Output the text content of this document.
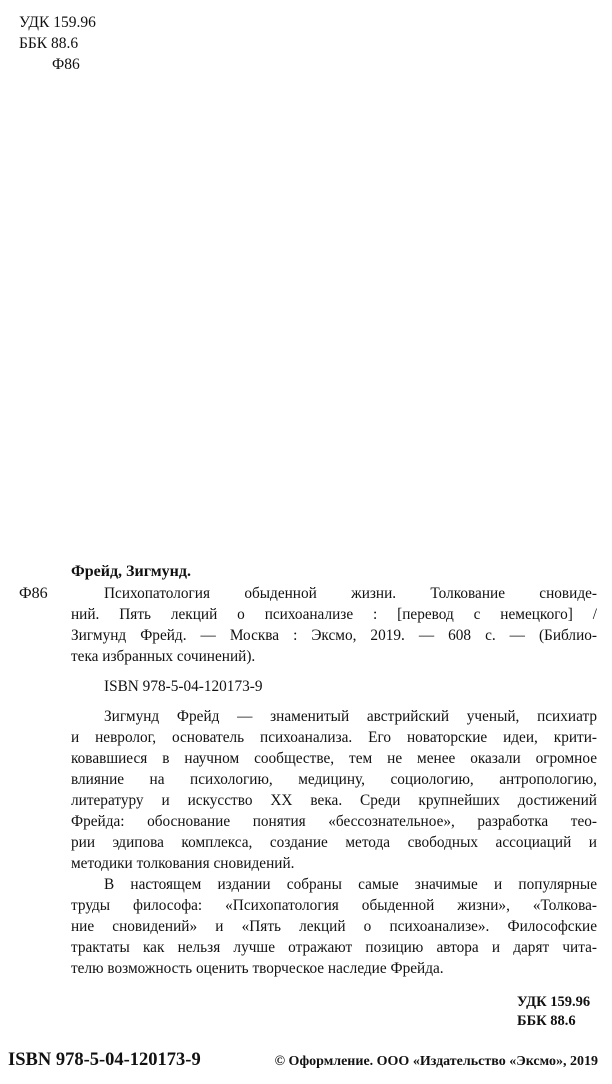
УДК 159.96
ББК 88.6
Ф86
Фрейд, Зигмунд.
Ф86	Психопатология обыденной жизни. Толкование сновиде-
ний. Пять лекций о психоанализе : [перевод с немецкого] /
Зигмунд Фрейд. — Москва : Эксмо, 2019. — 608 с. — (Библио-
тека избранных сочинений).
ISBN 978-5-04-120173-9
Зигмунд Фрейд — знаменитый австрийский ученый, психиатр
и невролог, основатель психоанализа. Его новаторские идеи, крити-
ковавшиеся в научном сообществе, тем не менее оказали огромное
влияние на психологию, медицину, социологию, антропологию,
литературу и искусство XX века. Среди крупнейших достижений
Фрейда: обоснование понятия «бессознательное», разработка тео-
рии эдипова комплекса, создание метода свободных ассоциаций и
методики толкования сновидений.
В настоящем издании собраны самые значимые и популярные
труды философа: «Психопатология обыденной жизни», «Толкова-
ние сновидений» и «Пять лекций о психоанализе». Философские
трактаты как нельзя лучше отражают позицию автора и дарят чита-
телю возможность оценить творческое наследие Фрейда.
УДК 159.96
ББК 88.6
ISBN 978-5-04-120173-9	© Оформление. ООО «Издательство «Эксмо», 2019
